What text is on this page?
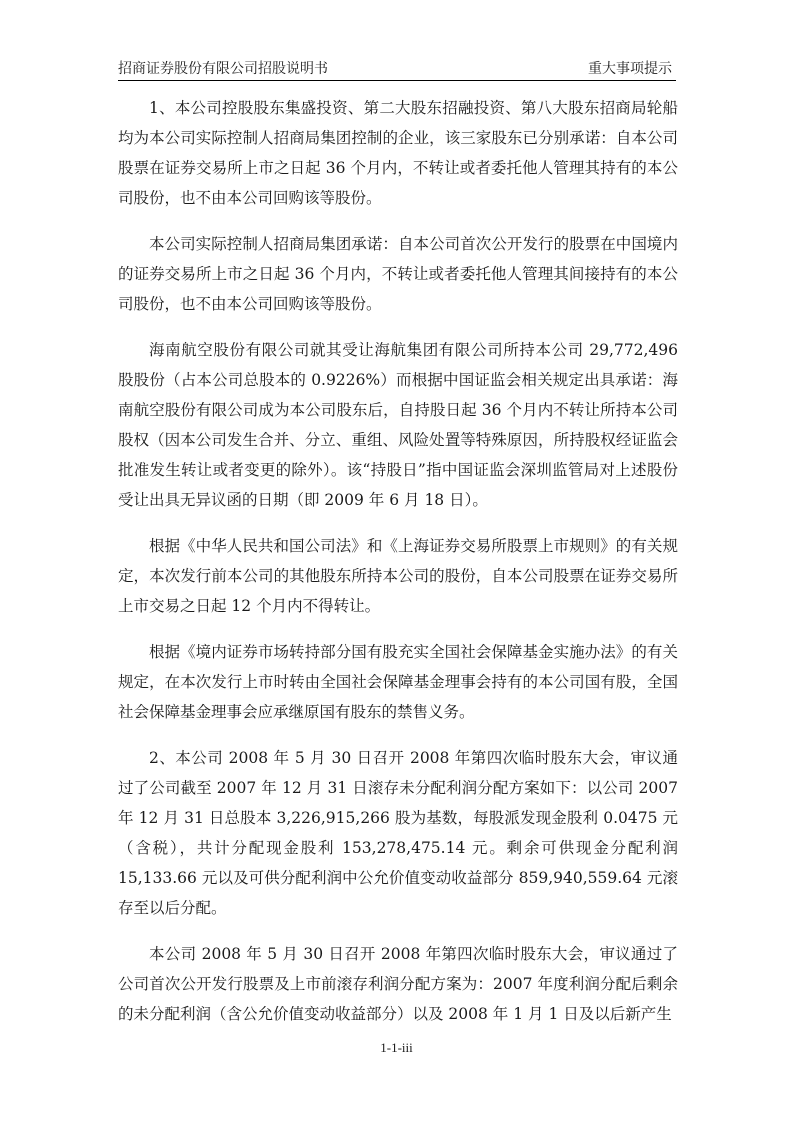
招商证券股份有限公司招股说明书	重大事项提示

1、本公司控股股东集盛投资、第二大股东招融投资、第八大股东招商局轮船均为本公司实际控制人招商局集团控制的企业，该三家股东已分别承诺：自本公司股票在证券交易所上市之日起 36 个月内，不转让或者委托他人管理其持有的本公司股份，也不由本公司回购该等股份。

本公司实际控制人招商局集团承诺：自本公司首次公开发行的股票在中国境内的证券交易所上市之日起 36 个月内，不转让或者委托他人管理其间接持有的本公司股份，也不由本公司回购该等股份。

海南航空股份有限公司就其受让海航集团有限公司所持本公司 29,772,496 股股份（占本公司总股本的 0.9226%）而根据中国证监会相关规定出具承诺：海南航空股份有限公司成为本公司股东后，自持股日起 36 个月内不转让所持本公司股权（因本公司发生合并、分立、重组、风险处置等特殊原因，所持股权经证监会批准发生转让或者变更的除外）。该“持股日”指中国证监会深圳监管局对上述股份受让出具无异议函的日期（即 2009 年 6 月 18 日）。

根据《中华人民共和国公司法》和《上海证券交易所股票上市规则》的有关规定，本次发行前本公司的其他股东所持本公司的股份，自本公司股票在证券交易所上市交易之日起 12 个月内不得转让。

根据《境内证券市场转持部分国有股充实全国社会保障基金实施办法》的有关规定，在本次发行上市时转由全国社会保障基金理事会持有的本公司国有股，全国社会保障基金理事会应承继原国有股东的禁售义务。

2、本公司 2008 年 5 月 30 日召开 2008 年第四次临时股东大会，审议通过了公司截至 2007 年 12 月 31 日滚存未分配利润分配方案如下：以公司 2007 年 12 月 31 日总股本 3,226,915,266 股为基数，每股派发现金股利 0.0475 元（含税），共计分配现金股利 153,278,475.14 元。剩余可供现金分配利润 15,133.66 元以及可供分配利润中公允价值变动收益部分 859,940,559.64 元滚存至以后分配。

本公司 2008 年 5 月 30 日召开 2008 年第四次临时股东大会，审议通过了公司首次公开发行股票及上市前滚存利润分配方案为：2007 年度利润分配后剩余的未分配利润（含公允价值变动收益部分）以及 2008 年 1 月 1 日及以后新产生

1-1-iii
